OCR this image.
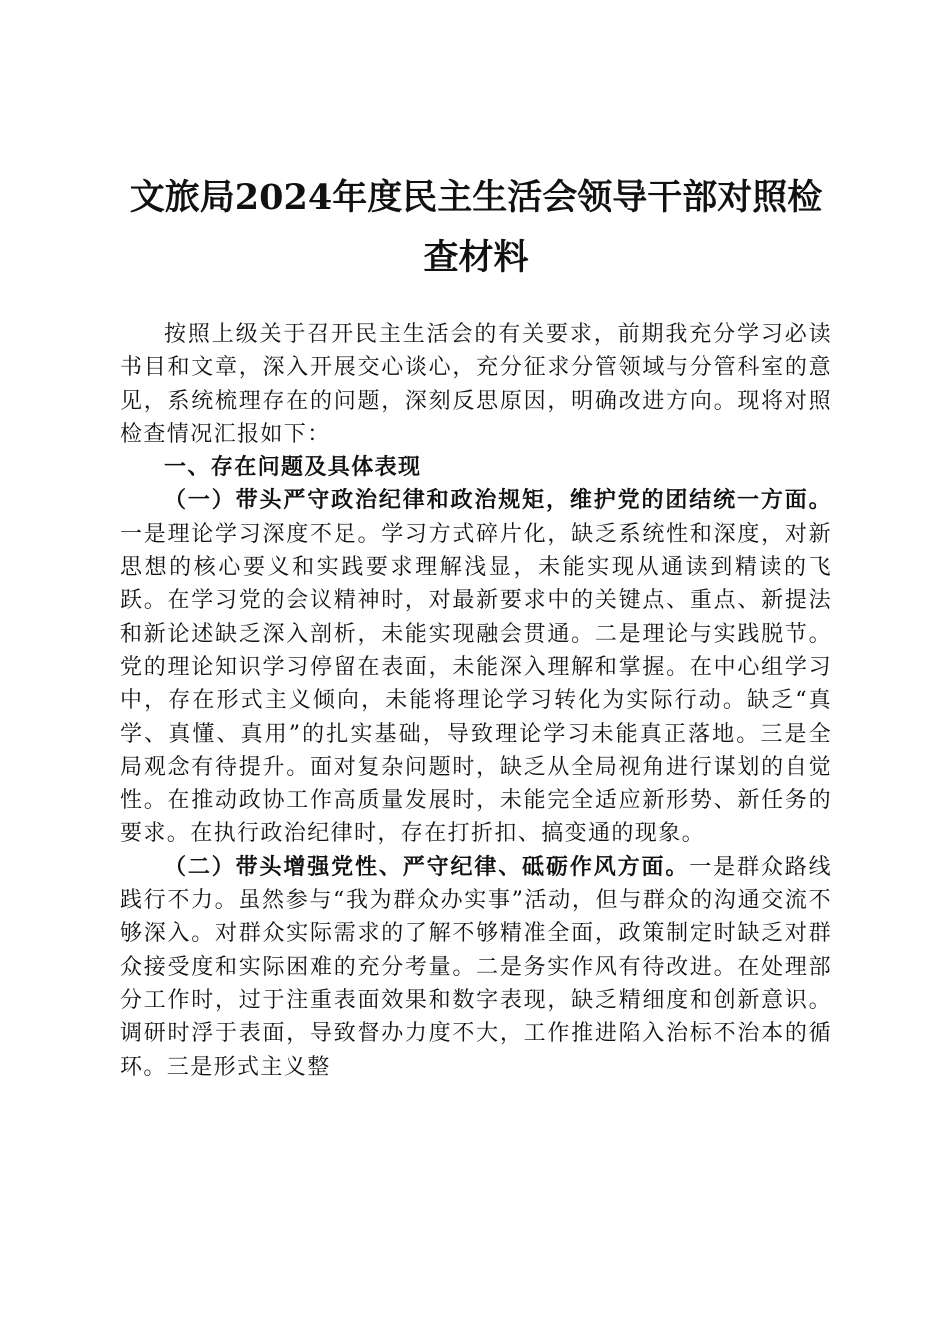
文旅局2024年度民主生活会领导干部对照检
查材料

按照上级关于召开民主生活会的有关要求，前期我充分学习必读书目和文章，深入开展交心谈心，充分征求分管领域与分管科室的意见，系统梳理存在的问题，深刻反思原因，明确改进方向。现将对照检查情况汇报如下：

一、存在问题及具体表现

（一）带头严守政治纪律和政治规矩，维护党的团结统一方面。一是理论学习深度不足。学习方式碎片化，缺乏系统性和深度，对新思想的核心要义和实践要求理解浅显，未能实现从通读到精读的飞跃。在学习党的会议精神时，对最新要求中的关键点、重点、新提法和新论述缺乏深入剖析，未能实现融会贯通。二是理论与实践脱节。党的理论知识学习停留在表面，未能深入理解和掌握。在中心组学习中，存在形式主义倾向，未能将理论学习转化为实际行动。缺乏“真学、真懂、真用”的扎实基础，导致理论学习未能真正落地。三是全局观念有待提升。面对复杂问题时，缺乏从全局视角进行谋划的自觉性。在推动政协工作高质量发展时，未能完全适应新形势、新任务的要求。在执行政治纪律时，存在打折扣、搞变通的现象。

（二）带头增强党性、严守纪律、砥砺作风方面。一是群众路线践行不力。虽然参与“我为群众办实事”活动，但与群众的沟通交流不够深入。对群众实际需求的了解不够精准全面，政策制定时缺乏对群众接受度和实际困难的充分考量。二是务实作风有待改进。在处理部分工作时，过于注重表面效果和数字表现，缺乏精细度和创新意识。调研时浮于表面，导致督办力度不大，工作推进陷入治标不治本的循环。三是形式主义整
